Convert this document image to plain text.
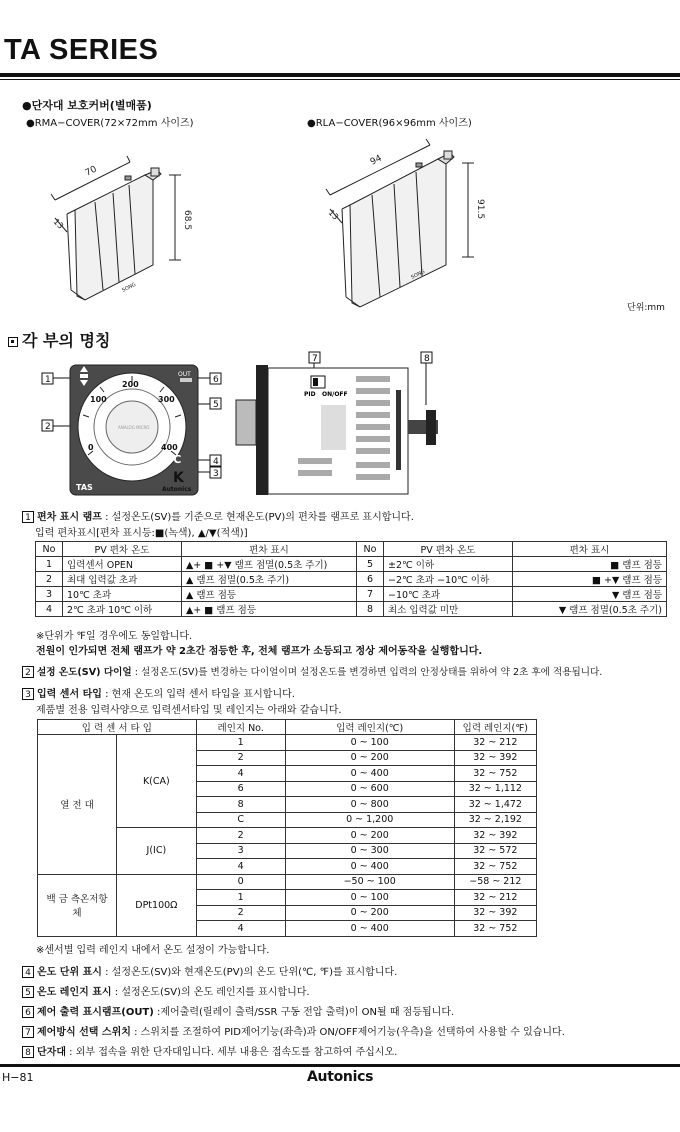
TA SERIES
●단자대 보호커버(별매품)
●RMA−COVER(72×72mm 사이즈)	●RLA−COVER(96×96mm 사이즈)
70
68.5
13
SONG
94
91.5
13
SONG
단위:mm
각 부의 명칭
1
2
6
5
4
3
200
100	300
0	400
OFF
ANALOG MICRO
OUT
℃
K
TAS	Autonics
7	8
PID ON/OFF
1 편차 표시 램프 : 설정온도(SV)를 기준으로 현재온도(PV)의 편차를 램프로 표시합니다.
입력 편차표시[편차 표시등:■(녹색), ▲/▼(적색)]
No	PV 편차 온도	편차 표시	No	PV 편차 온도	편차 표시
1	입력센서 OPEN	▲+ ■ +▼ 램프 점멸(0.5초 주기)	5	±2℃ 이하	■ 램프 점등
2	최대 입력값 초과	▲ 램프 점멸(0.5초 주기)	6	−2℃ 초과 −10℃ 이하	■ +▼ 램프 점등
3	10℃ 초과	▲ 램프 점등	7	−10℃ 초과	▼ 램프 점등
4	2℃ 초과 10℃ 이하	▲+ ■ 램프 점등	8	최소 입력값 미만	▼ 램프 점멸(0.5초 주기)
※단위가 ℉일 경우에도 동일합니다.
전원이 인가되면 전체 램프가 약 2초간 점등한 후, 전체 램프가 소등되고 정상 제어동작을 실행합니다.
2 설정 온도(SV) 다이얼 : 설정온도(SV)를 변경하는 다이얼이며 설정온도를 변경하면 입력의 안정상태를 위하여 약 2초 후에 적용됩니다.
3 입력 센서 타입 : 현재 온도의 입력 센서 타입을 표시합니다.
제품별 전용 입력사양으로 입력센서타입 및 레인지는 아래와 같습니다.
입 력 센 서 타 입		레인지 No.	입력 레인지(℃)	입력 레인지(℉)
열 전 대	K(CA)	1	0 ~ 100	32 ~ 212
		2	0 ~ 200	32 ~ 392
		4	0 ~ 400	32 ~ 752
		6	0 ~ 600	32 ~ 1,112
		8	0 ~ 800	32 ~ 1,472
		C	0 ~ 1,200	32 ~ 2,192
	J(IC)	2	0 ~ 200	32 ~ 392
		3	0 ~ 300	32 ~ 572
		4	0 ~ 400	32 ~ 752
백 금 측온저항체	DPt100Ω	0	−50 ~ 100	−58 ~ 212
		1	0 ~ 100	32 ~ 212
		2	0 ~ 200	32 ~ 392
		4	0 ~ 400	32 ~ 752
※센서별 입력 레인지 내에서 온도 설정이 가능합니다.
4 온도 단위 표시 : 설정온도(SV)와 현재온도(PV)의 온도 단위(℃, ℉)를 표시합니다.
5 온도 레인지 표시 : 설정온도(SV)의 온도 레인지를 표시합니다.
6 제어 출력 표시램프(OUT) :제어출력(릴레이 출력/SSR 구동 전압 출력)이 ON될 때 점등됩니다.
7 제어방식 선택 스위치 : 스위치를 조절하여 PID제어기능(좌측)과 ON/OFF제어기능(우측)을 선택하여 사용할 수 있습니다.
8 단자대 : 외부 접속을 위한 단자대입니다. 세부 내용은 접속도를 참고하여 주십시오.
H−81	Autonics
